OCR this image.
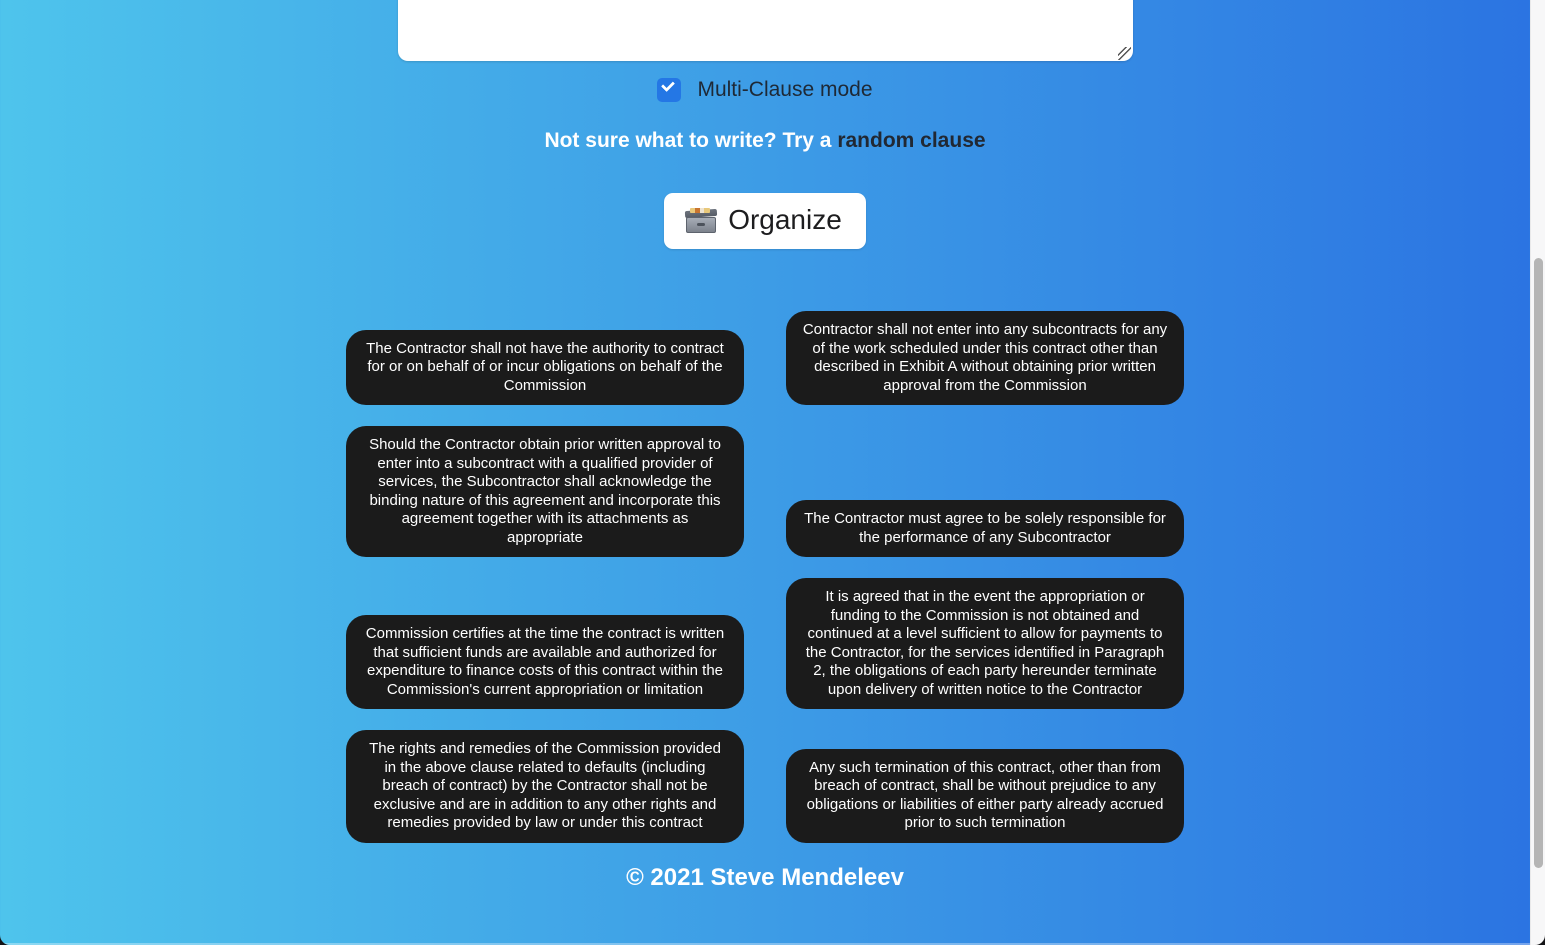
Multi-Clause mode
Not sure what to write? Try a random clause
Organize
The Contractor shall not have the authority to contract for or on behalf of or incur obligations on behalf of the Commission
Contractor shall not enter into any subcontracts for any of the work scheduled under this contract other than described in Exhibit A without obtaining prior written approval from the Commission
Should the Contractor obtain prior written approval to enter into a subcontract with a qualified provider of services, the Subcontractor shall acknowledge the binding nature of this agreement and incorporate this agreement together with its attachments as appropriate
The Contractor must agree to be solely responsible for the performance of any Subcontractor
Commission certifies at the time the contract is written that sufficient funds are available and authorized for expenditure to finance costs of this contract within the Commission's current appropriation or limitation
It is agreed that in the event the appropriation or funding to the Commission is not obtained and continued at a level sufficient to allow for payments to the Contractor, for the services identified in Paragraph 2, the obligations of each party hereunder terminate upon delivery of written notice to the Contractor
The rights and remedies of the Commission provided in the above clause related to defaults (including breach of contract) by the Contractor shall not be exclusive and are in addition to any other rights and remedies provided by law or under this contract
Any such termination of this contract, other than from breach of contract, shall be without prejudice to any obligations or liabilities of either party already accrued prior to such termination
© 2021 Steve Mendeleev
